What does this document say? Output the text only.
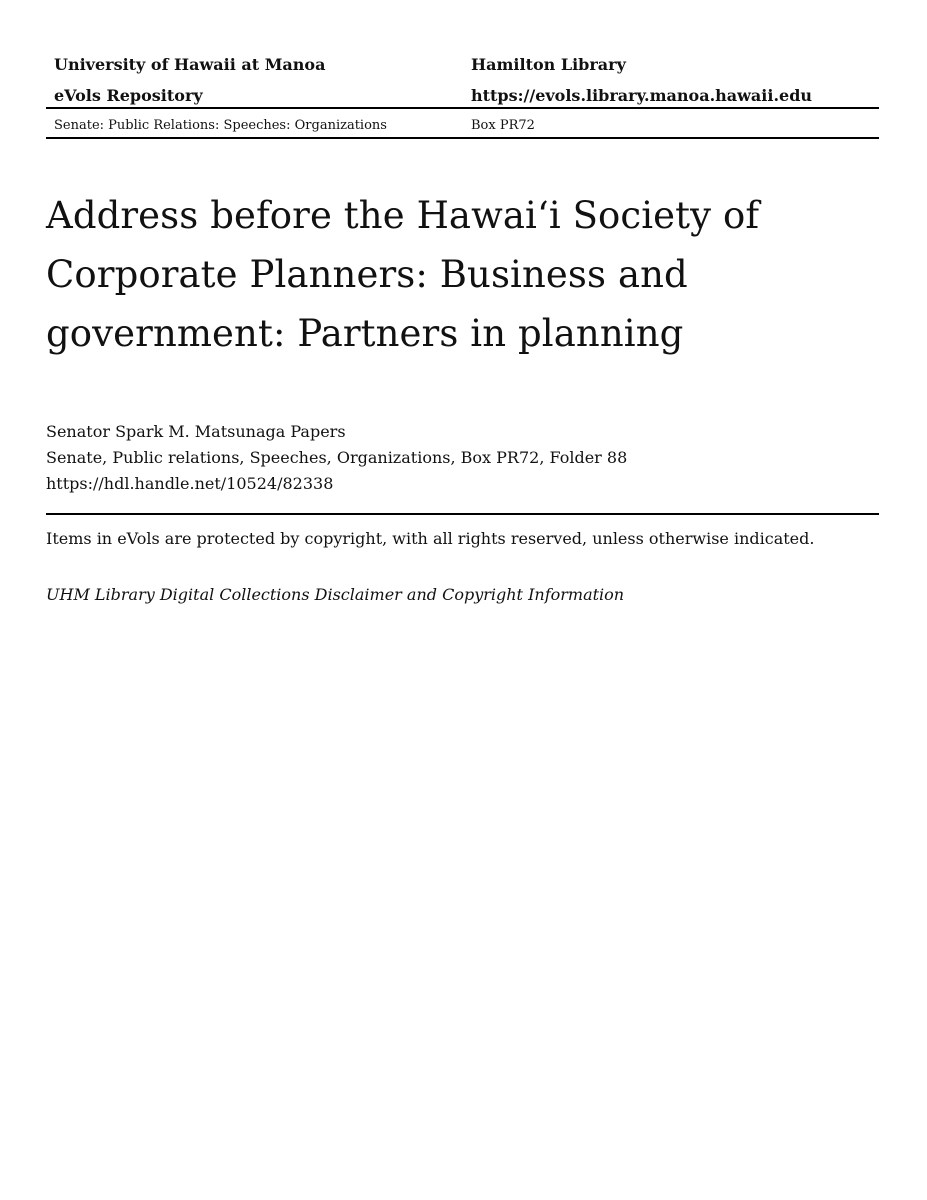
University of Hawaii at Manoa	Hamilton Library
eVols Repository	https://evols.library.manoa.hawaii.edu
Senate: Public Relations: Speeches: Organizations	Box PR72
Address before the Hawaiʻi Society of
Corporate Planners: Business and
government: Partners in planning
Senator Spark M. Matsunaga Papers
Senate, Public relations, Speeches, Organizations, Box PR72, Folder 88
https://hdl.handle.net/10524/82338
Items in eVols are protected by copyright, with all rights reserved, unless otherwise indicated.
UHM Library Digital Collections Disclaimer and Copyright Information
